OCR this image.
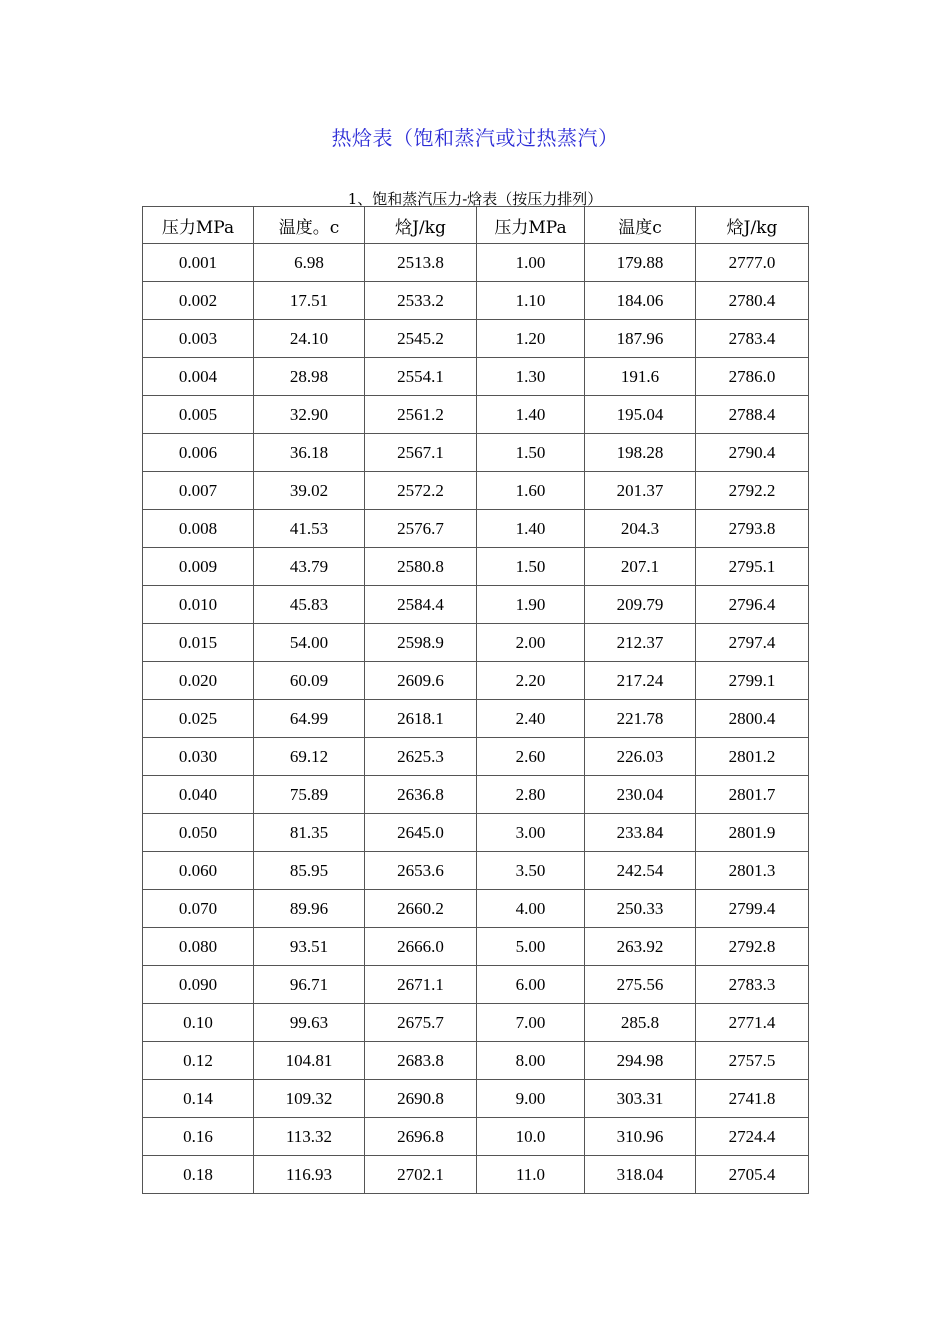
热焓表（饱和蒸汽或过热蒸汽）

1、饱和蒸汽压力-焓表（按压力排列）

压力MPa	温度。c	焓J/kg	压力MPa	温度c	焓J/kg
0.001	6.98	2513.8	1.00	179.88	2777.0
0.002	17.51	2533.2	1.10	184.06	2780.4
0.003	24.10	2545.2	1.20	187.96	2783.4
0.004	28.98	2554.1	1.30	191.6	2786.0
0.005	32.90	2561.2	1.40	195.04	2788.4
0.006	36.18	2567.1	1.50	198.28	2790.4
0.007	39.02	2572.2	1.60	201.37	2792.2
0.008	41.53	2576.7	1.40	204.3	2793.8
0.009	43.79	2580.8	1.50	207.1	2795.1
0.010	45.83	2584.4	1.90	209.79	2796.4
0.015	54.00	2598.9	2.00	212.37	2797.4
0.020	60.09	2609.6	2.20	217.24	2799.1
0.025	64.99	2618.1	2.40	221.78	2800.4
0.030	69.12	2625.3	2.60	226.03	2801.2
0.040	75.89	2636.8	2.80	230.04	2801.7
0.050	81.35	2645.0	3.00	233.84	2801.9
0.060	85.95	2653.6	3.50	242.54	2801.3
0.070	89.96	2660.2	4.00	250.33	2799.4
0.080	93.51	2666.0	5.00	263.92	2792.8
0.090	96.71	2671.1	6.00	275.56	2783.3
0.10	99.63	2675.7	7.00	285.8	2771.4
0.12	104.81	2683.8	8.00	294.98	2757.5
0.14	109.32	2690.8	9.00	303.31	2741.8
0.16	113.32	2696.8	10.0	310.96	2724.4
0.18	116.93	2702.1	11.0	318.04	2705.4
